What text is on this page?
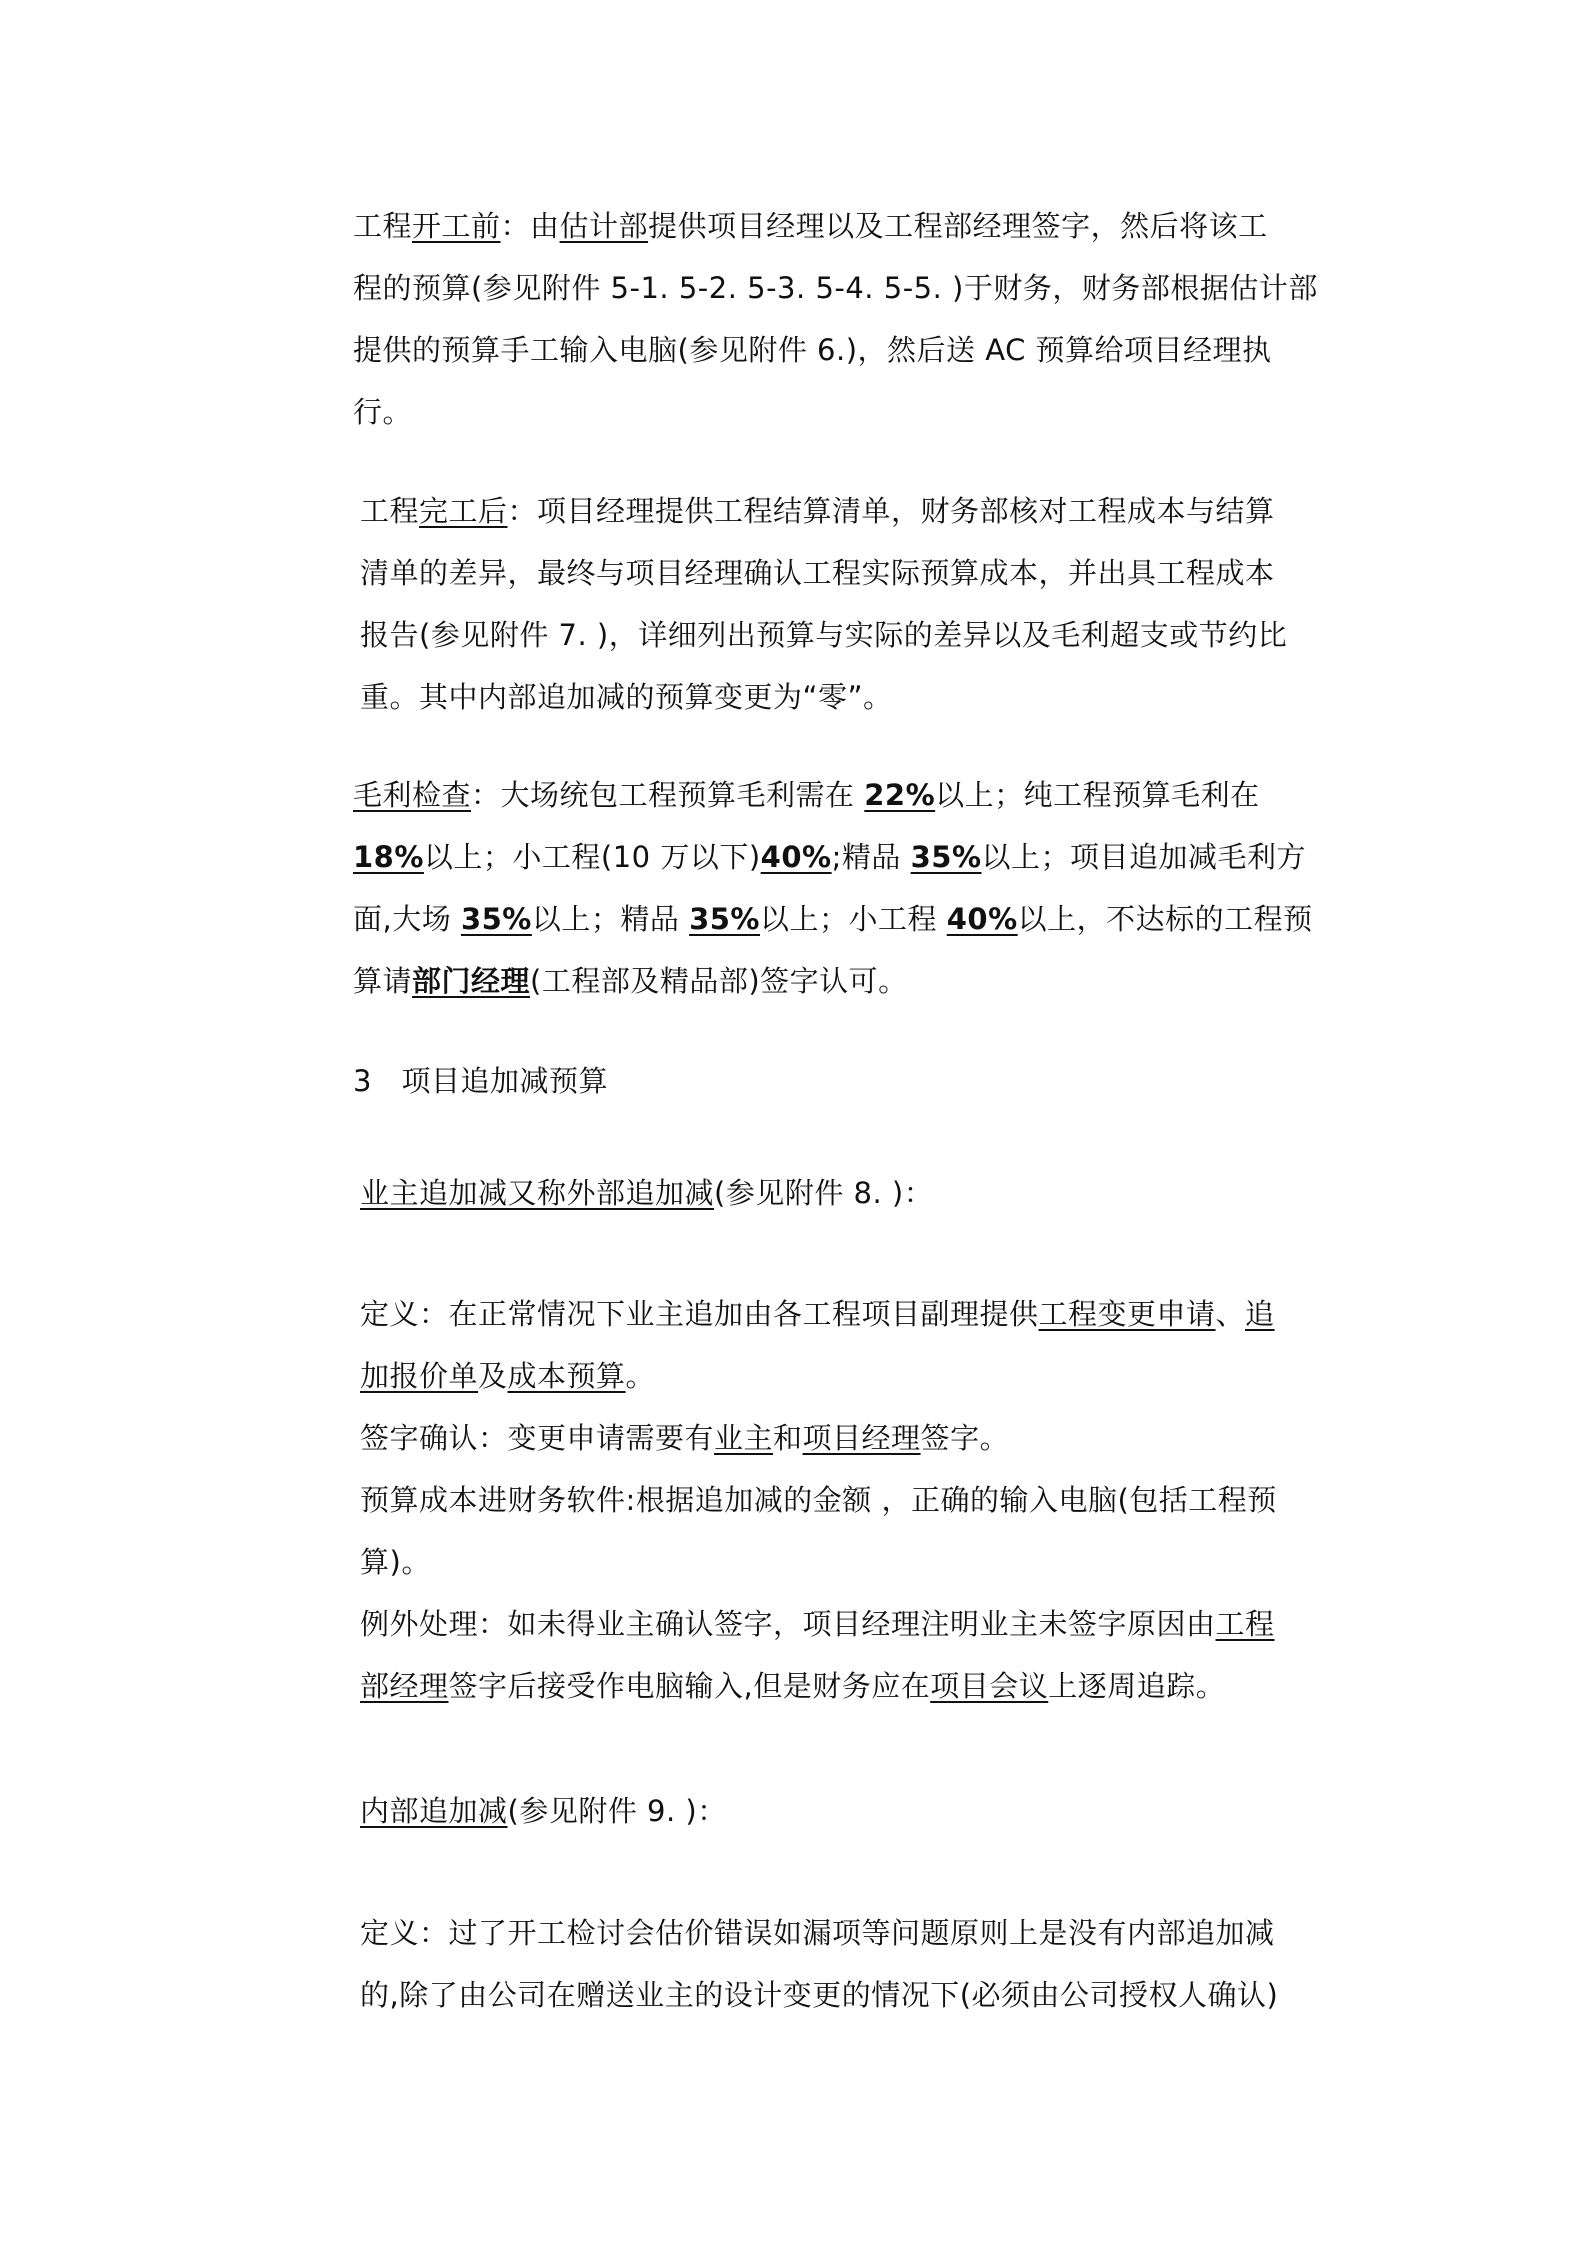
工程开工前：由估计部提供项目经理以及工程部经理签字，然后将该工
程的预算(参见附件 5-1. 5-2. 5-3. 5-4. 5-5. )于财务，财务部根据估计部
提供的预算手工输入电脑(参见附件 6.)，然后送 AC 预算给项目经理执
行。
工程完工后：项目经理提供工程结算清单，财务部核对工程成本与结算
清单的差异，最终与项目经理确认工程实际预算成本，并出具工程成本
报告(参见附件 7. )，详细列出预算与实际的差异以及毛利超支或节约比
重。其中内部追加减的预算变更为“零”。
毛利检查：大场统包工程预算毛利需在 22%以上；纯工程预算毛利在
18%以上；小工程(10 万以下)40%;精品 35%以上；项目追加减毛利方
面,大场 35%以上；精品 35%以上；小工程 40%以上，不达标的工程预
算请部门经理(工程部及精品部)签字认可。
3　项目追加减预算
业主追加减又称外部追加减(参见附件 8. )：
定义：在正常情况下业主追加由各工程项目副理提供工程变更申请、追
加报价单及成本预算。
签字确认：变更申请需要有业主和项目经理签字。
预算成本进财务软件:根据追加减的金额 ，正确的输入电脑(包括工程预
算)。
例外处理：如未得业主确认签字，项目经理注明业主未签字原因由工程
部经理签字后接受作电脑输入,但是财务应在项目会议上逐周追踪。
内部追加减(参见附件 9. )：
定义：过了开工检讨会估价错误如漏项等问题原则上是没有内部追加减
的,除了由公司在赠送业主的设计变更的情况下(必须由公司授权人确认)
